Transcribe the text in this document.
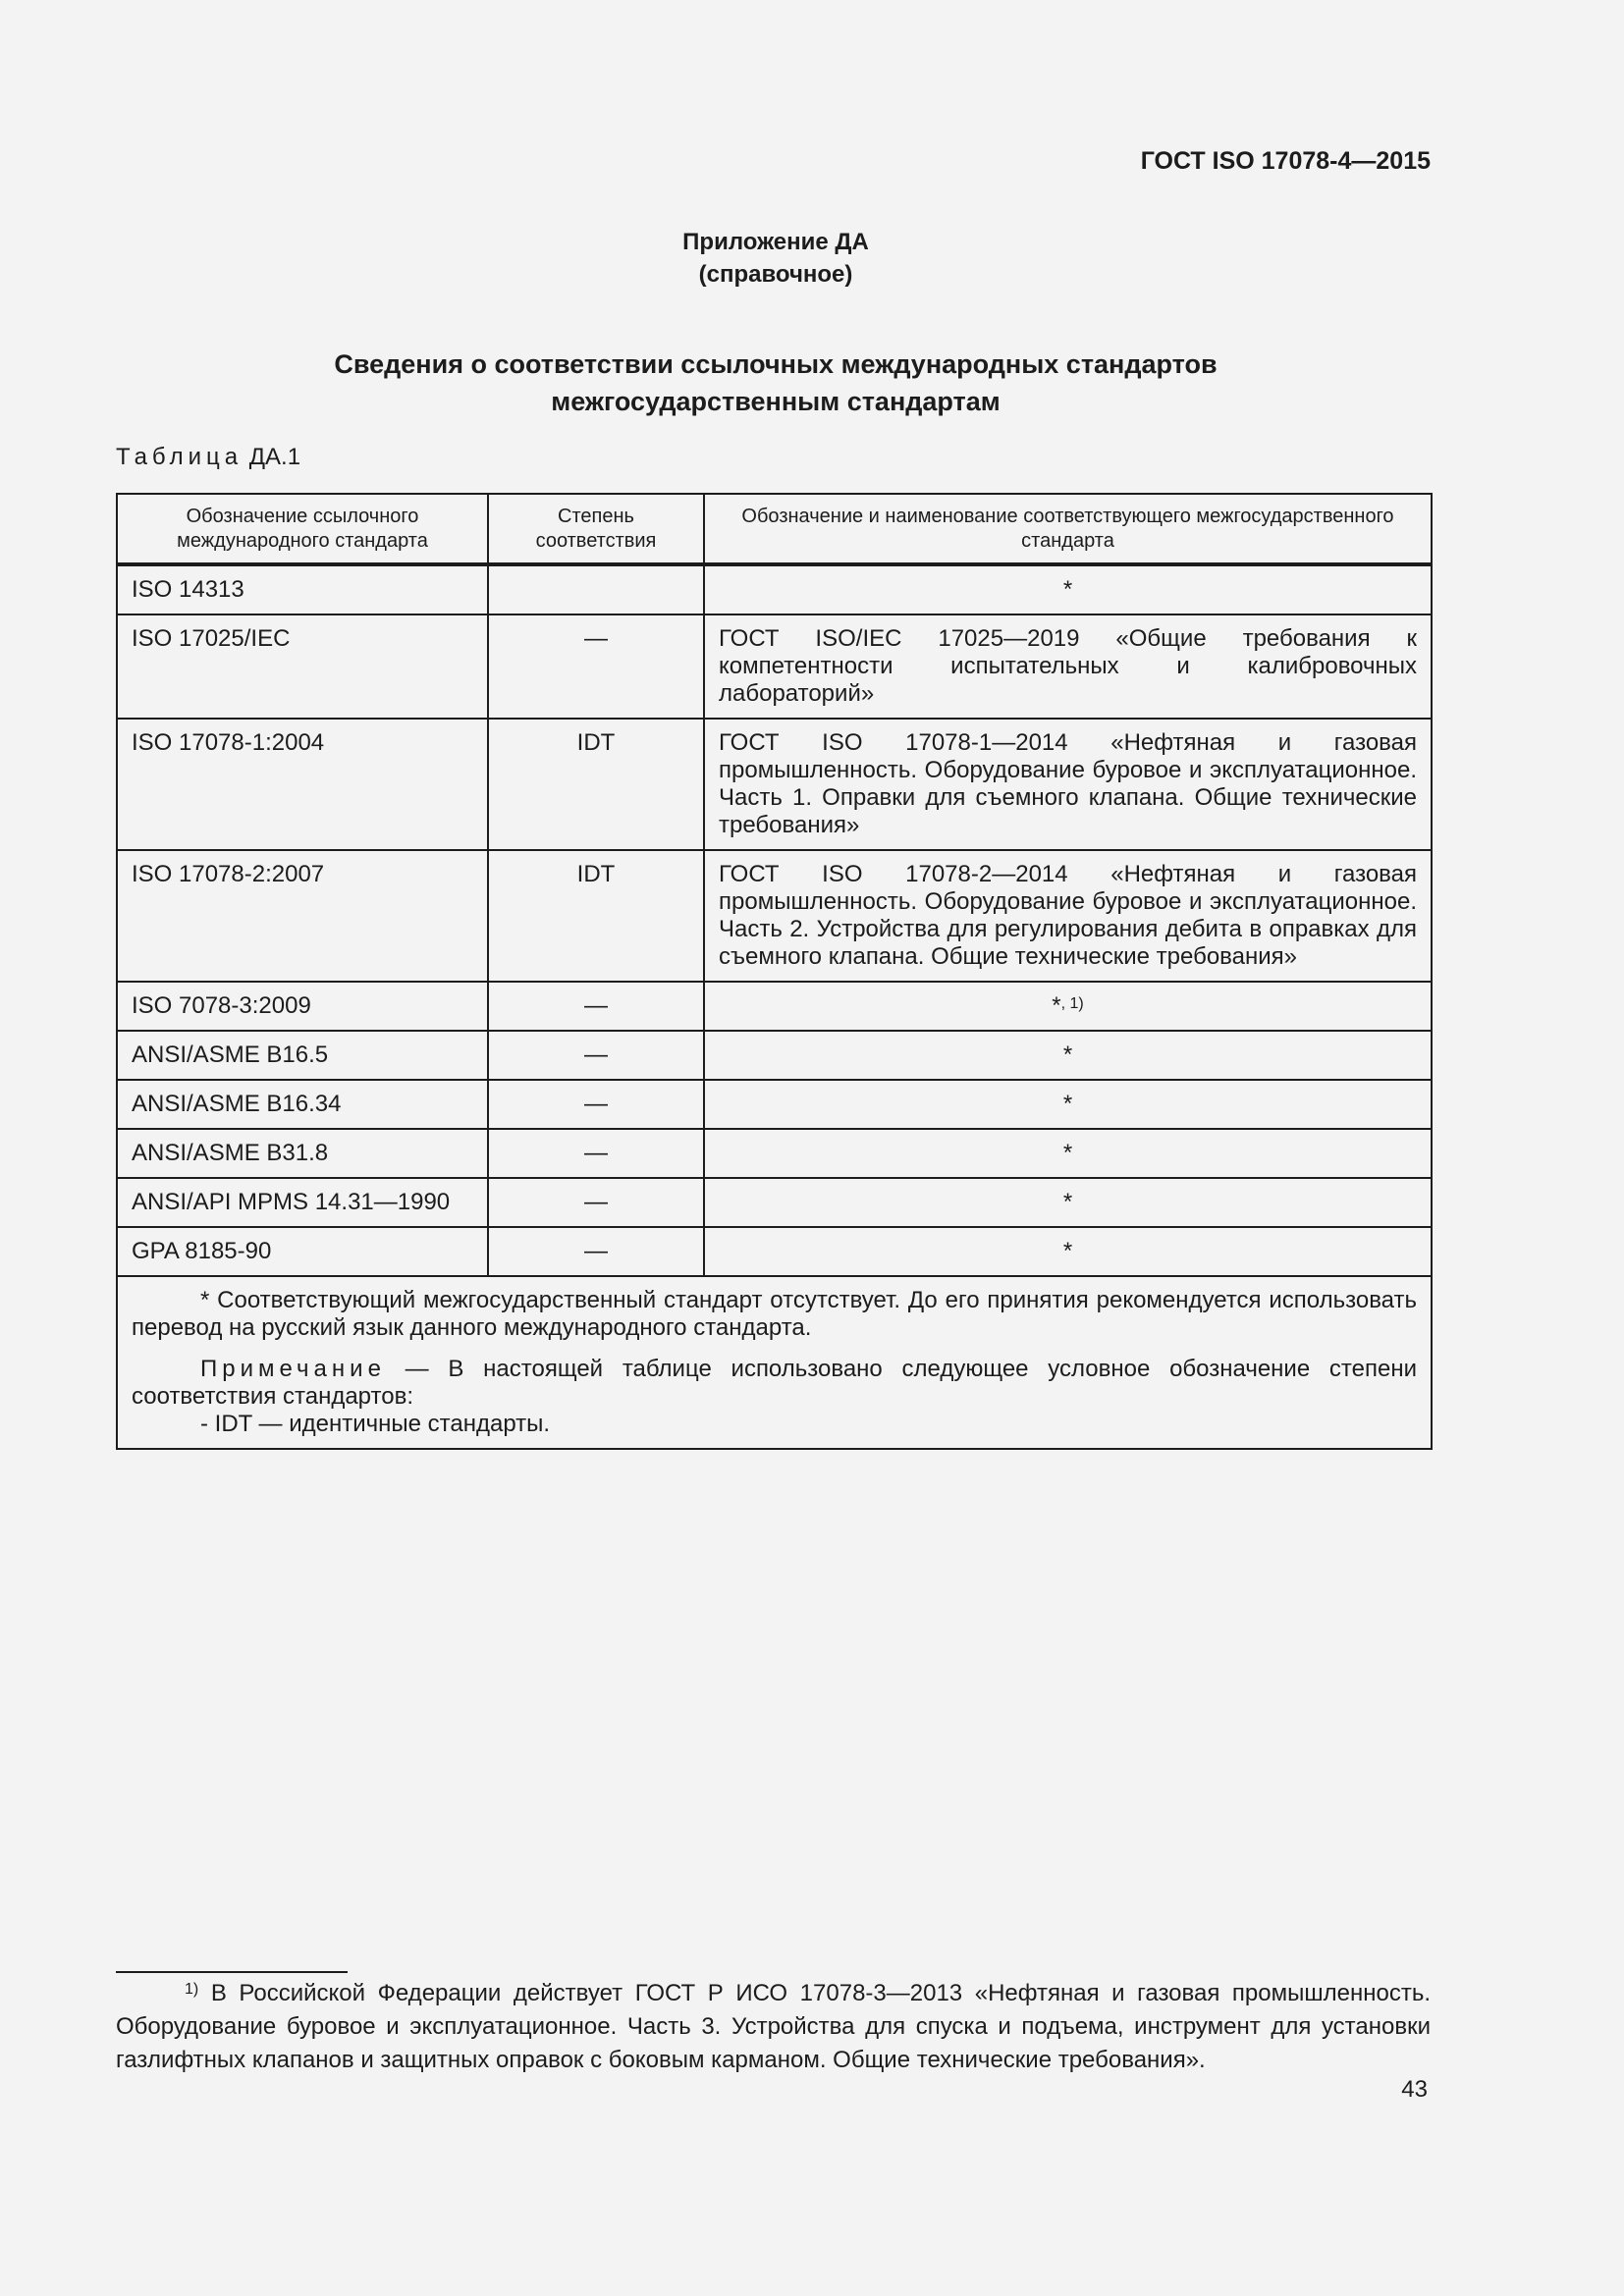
ГОСТ ISO 17078-4—2015
Приложение ДА
(справочное)
Сведения о соответствии ссылочных международных стандартов
межгосударственным стандартам
Таблица ДА.1
Обозначение ссылочного международного стандарта	Степень соответствия	Обозначение и наименование соответствующего межгосударственного стандарта
ISO 14313		*
ISO 17025/IEC	—	ГОСТ ISO/IEC 17025—2019 «Общие требования к компетентности испытательных и калибровочных лабораторий»
ISO 17078-1:2004	IDT	ГОСТ ISO 17078-1—2014 «Нефтяная и газовая промышленность. Оборудование буровое и эксплуатационное. Часть 1. Оправки для съемного клапана. Общие технические требования»
ISO 17078-2:2007	IDT	ГОСТ ISO 17078-2—2014 «Нефтяная и газовая промышленность. Оборудование буровое и эксплуатационное. Часть 2. Устройства для регулирования дебита в оправках для съемного клапана. Общие технические требования»
ISO 7078-3:2009	—	*$^{, 1)}$
ANSI/ASME B16.5	—	*
ANSI/ASME B16.34	—	*
ANSI/ASME B31.8	—	*
ANSI/API MPMS 14.31—1990	—	*
GPA 8185-90	—	*

* Соответствующий межгосударственный стандарт отсутствует. До его принятия рекомендуется использовать перевод на русский язык данного международного стандарта.

Примечание — В настоящей таблице использовано следующее условное обозначение степени соответствия стандартов:

- IDT — идентичные стандарты.		

$^{1)}$ В Российской Федерации действует ГОСТ Р ИСО 17078-3—2013 «Нефтяная и газовая промышленность. Оборудование буровое и эксплуатационное. Часть 3. Устройства для спуска и подъема, инструмент для установки газлифтных клапанов и защитных оправок с боковым карманом. Общие технические требования».
43
